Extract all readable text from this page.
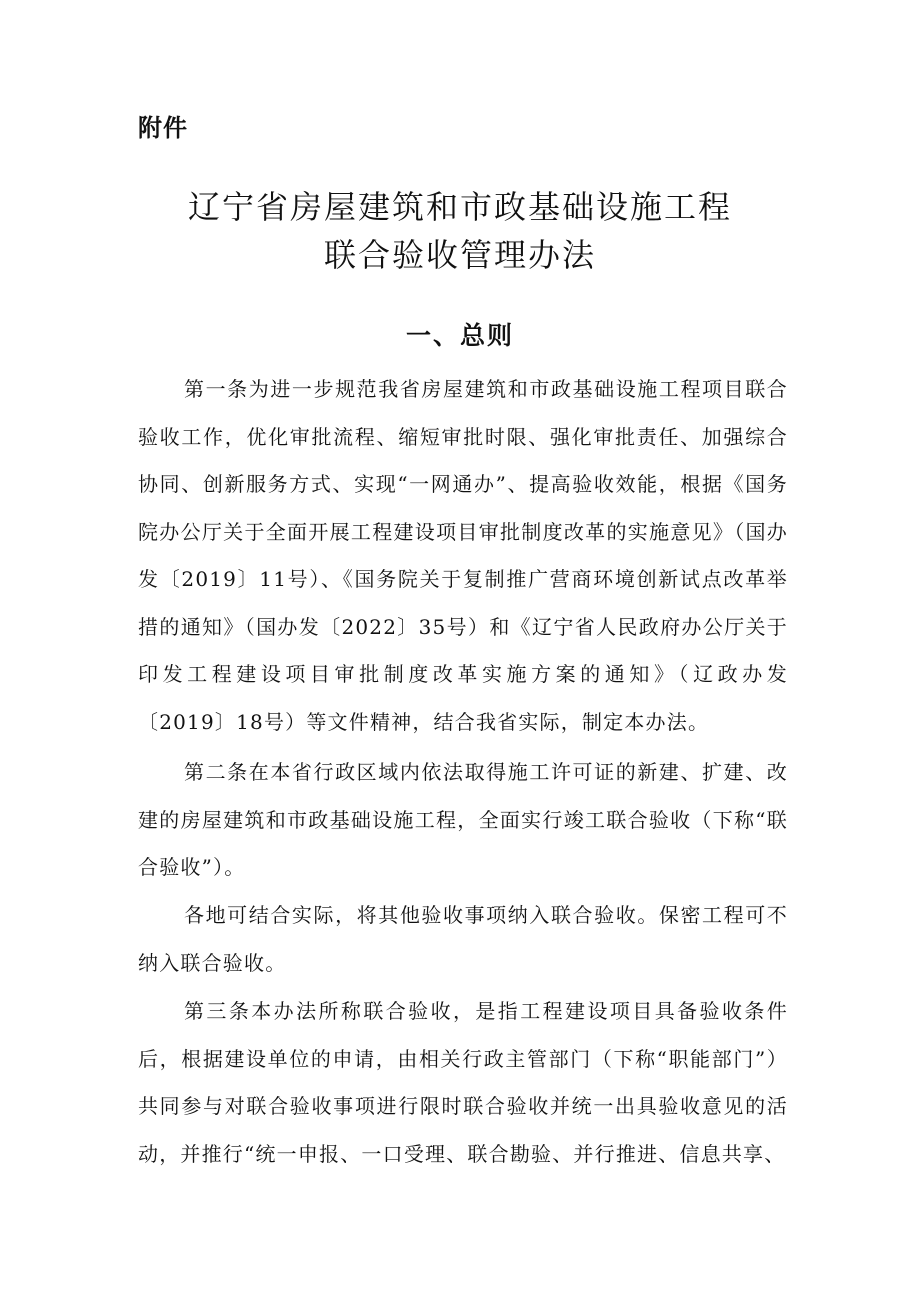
附件
辽宁省房屋建筑和市政基础设施工程
联合验收管理办法
一、总则

第一条为进一步规范我省房屋建筑和市政基础设施工程项目联合验收工作，优化审批流程、缩短审批时限、强化审批责任、加强综合协同、创新服务方式、实现“一网通办”、提高验收效能，根据《国务院办公厅关于全面开展工程建设项目审批制度改革的实施意见》（国办发〔2019〕11号）、《国务院关于复制推广营商环境创新试点改革举措的通知》（国办发〔2022〕35号）和《辽宁省人民政府办公厅关于印发工程建设项目审批制度改革实施方案的通知》（辽政办发〔2019〕18号）等文件精神，结合我省实际，制定本办法。

第二条在本省行政区域内依法取得施工许可证的新建、扩建、改建的房屋建筑和市政基础设施工程，全面实行竣工联合验收（下称“联合验收”）。

各地可结合实际，将其他验收事项纳入联合验收。保密工程可不纳入联合验收。

第三条本办法所称联合验收，是指工程建设项目具备验收条件后，根据建设单位的申请，由相关行政主管部门（下称“职能部门”）共同参与对联合验收事项进行限时联合验收并统一出具验收意见的活动，并推行“统一申报、一口受理、联合勘验、并行推进、信息共享、
